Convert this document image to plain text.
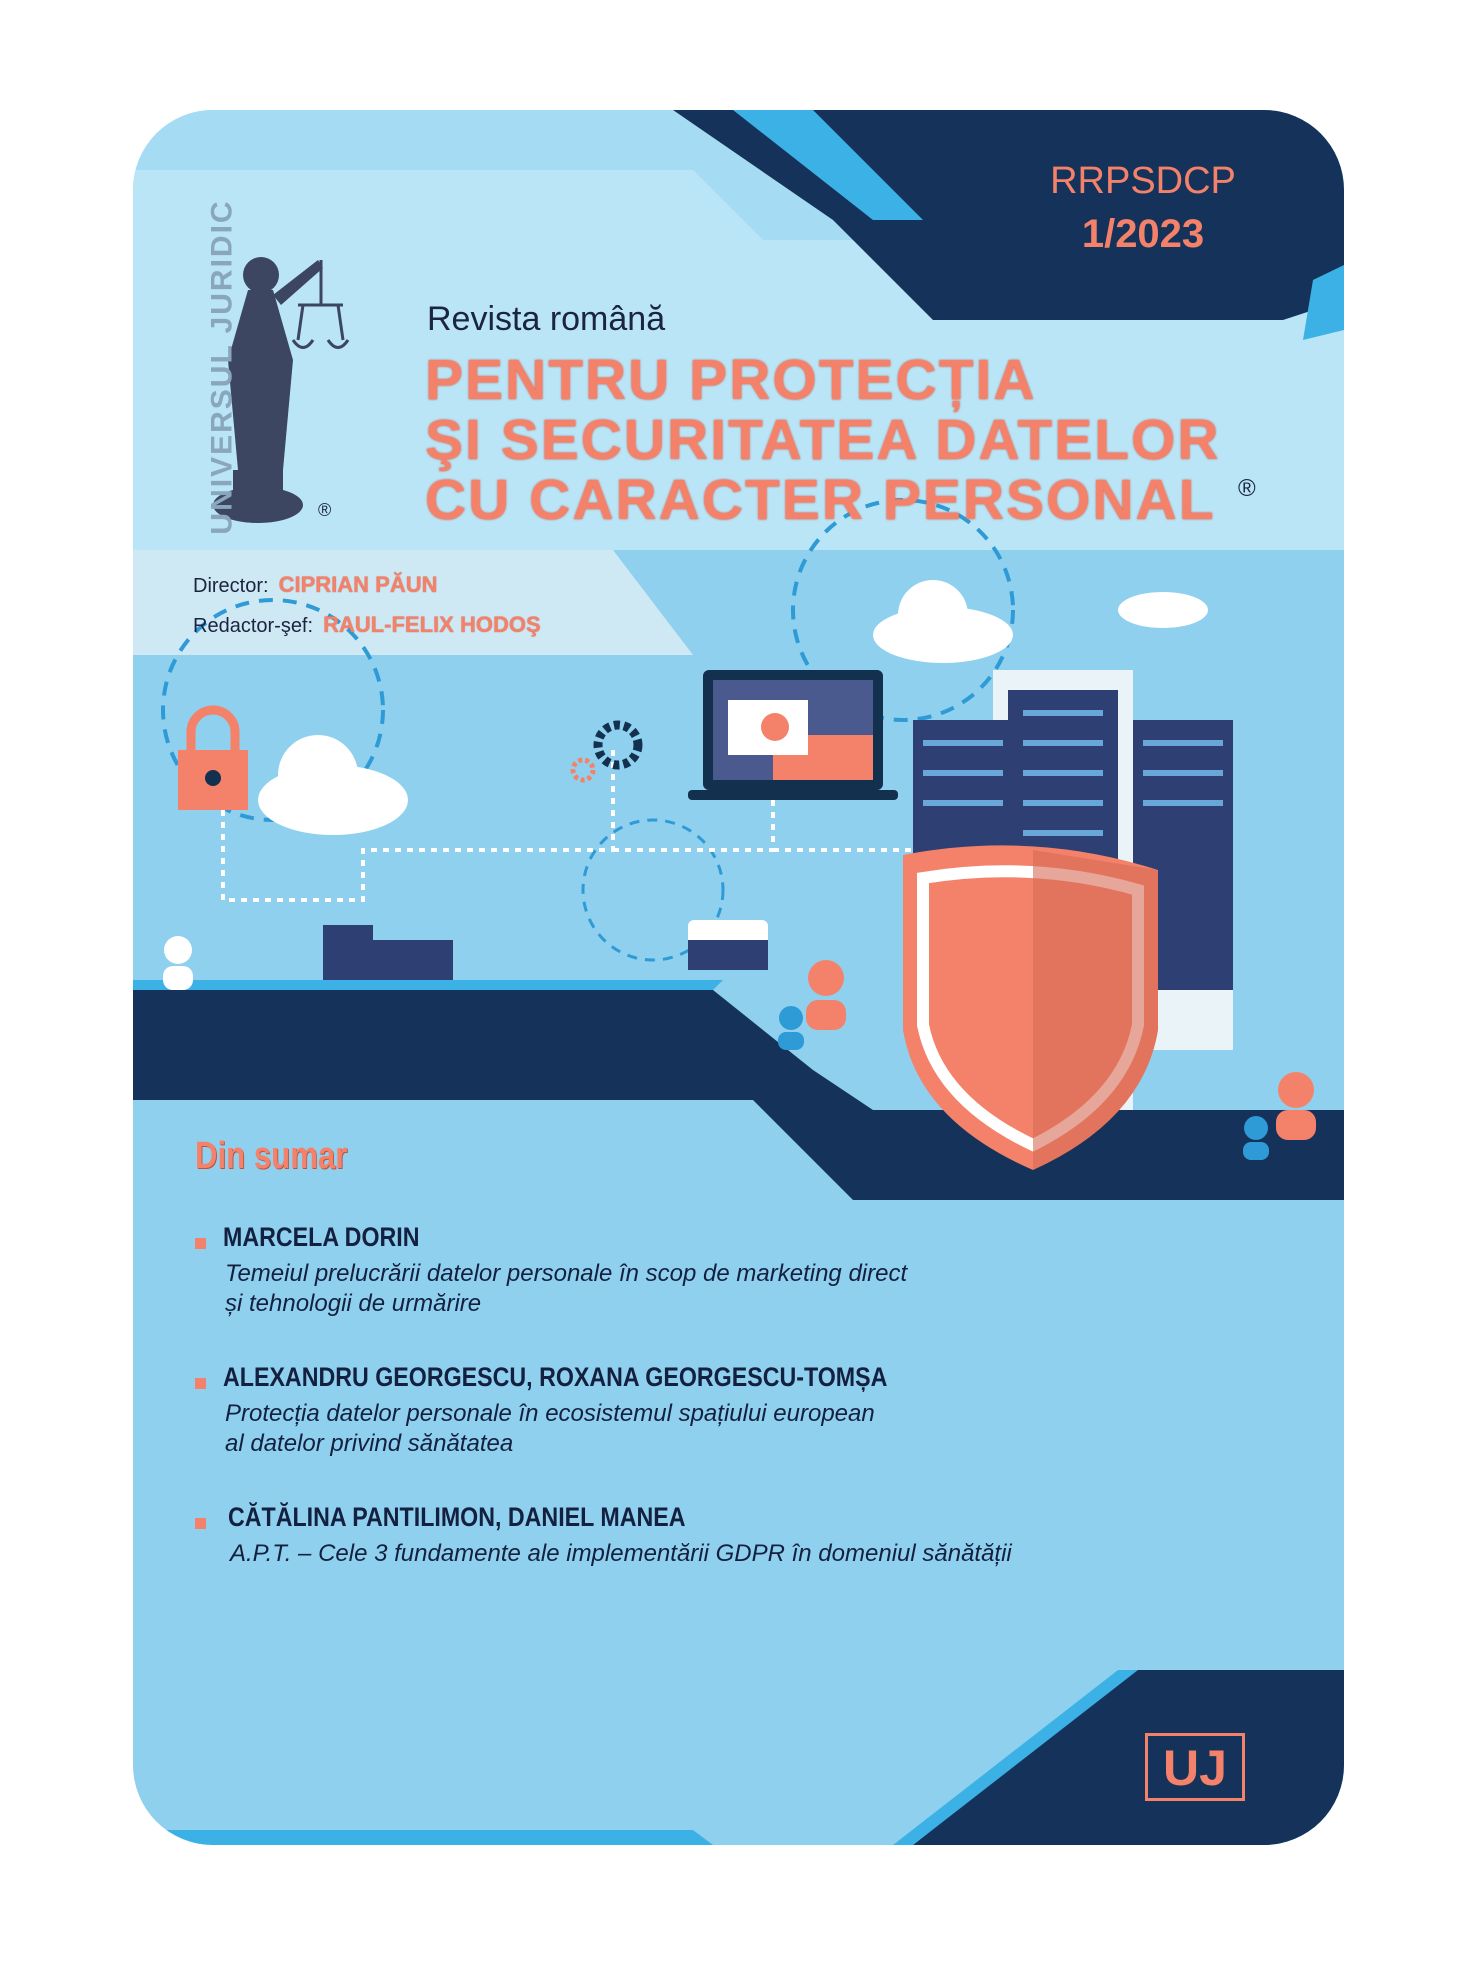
UNIVERSUL JURIDIC	®
RRPSDCP
1/2023
Revista română
PENTRU PROTECȚIA
ŞI SECURITATEA DATELOR
CU CARACTER PERSONAL ®
Director: CIPRIAN PĂUN
Redactor-şef: RAUL-FELIX HODOŞ
Din sumar
MARCELA DORIN
Temeiul prelucrării datelor personale în scop de marketing direct
și tehnologii de urmărire
ALEXANDRU GEORGESCU, ROXANA GEORGESCU-TOMȘA
Protecția datelor personale în ecosistemul spațiului european
al datelor privind sănătatea
CĂTĂLINA PANTILIMON, DANIEL MANEA
A.P.T. – Cele 3 fundamente ale implementării GDPR în domeniul sănătății
UJ
